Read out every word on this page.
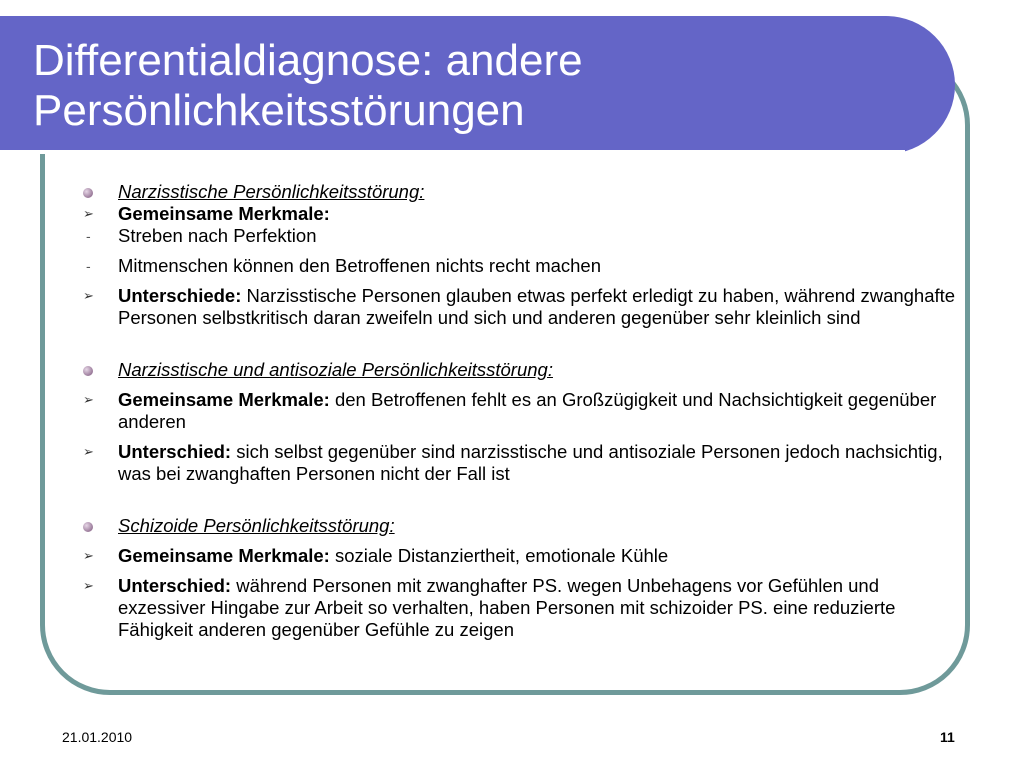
Differentialdiagnose: andere
Persönlichkeitsstörungen
Narzisstische Persönlichkeitsstörung:
➢	Gemeinsame Merkmale:
-	Streben nach Perfektion
-	Mitmenschen können den Betroffenen nichts recht machen
➢	Unterschiede: Narzisstische Personen glauben etwas perfekt erledigt zu haben, während zwanghafte Personen selbstkritisch daran zweifeln und sich und anderen gegenüber sehr kleinlich sind
Narzisstische und antisoziale Persönlichkeitsstörung:
➢	Gemeinsame Merkmale: den Betroffenen fehlt es an Großzügigkeit und Nachsichtigkeit gegenüber anderen
➢	Unterschied: sich selbst gegenüber sind narzisstische und antisoziale Personen jedoch nachsichtig, was bei zwanghaften Personen nicht der Fall ist
Schizoide Persönlichkeitsstörung:
➢	Gemeinsame Merkmale: soziale Distanziertheit, emotionale Kühle
➢	Unterschied: während Personen mit zwanghafter PS. wegen Unbehagens vor Gefühlen und exzessiver Hingabe zur Arbeit so verhalten, haben Personen mit schizoider PS. eine reduzierte Fähigkeit anderen gegenüber Gefühle zu zeigen
21.01.2010	11
